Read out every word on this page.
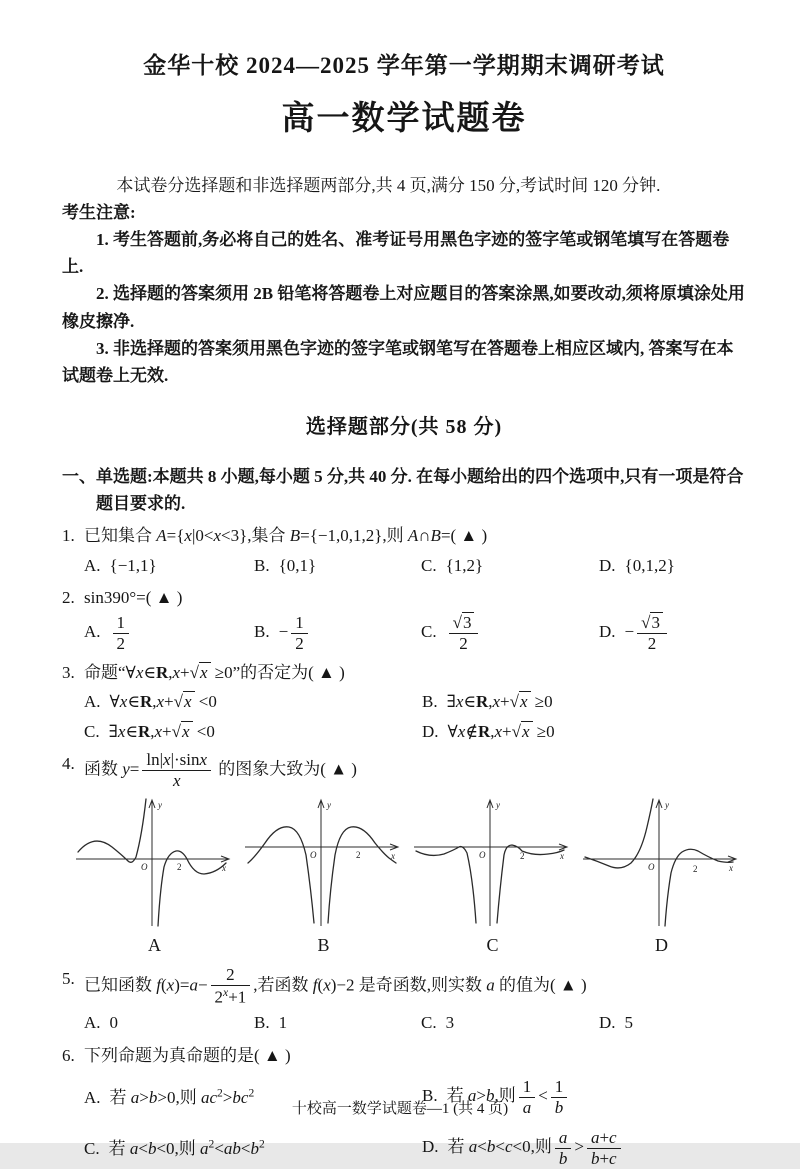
金华十校 2024—2025 学年第一学期期末调研考试
高一数学试题卷

本试卷分选择题和非选择题两部分,共 4 页,满分 150 分,考试时间 120 分钟.

考生注意:

1. 考生答题前,务必将自己的姓名、准考证号用黑色字迹的签字笔或钢笔填写在答题卷上.

2. 选择题的答案须用 2B 铅笔将答题卷上对应题目的答案涂黑,如要改动,须将原填涂处用橡皮擦净.

3. 非选择题的答案须用黑色字迹的签字笔或钢笔写在答题卷上相应区域内, 答案写在本试题卷上无效.

选择题部分(共 58 分)

一、单选题:本题共 8 小题,每小题 5 分,共 40 分. 在每小题给出的四个选项中,只有一项是符合题目要求的.

1. 已知集合 A={x|0<x<3},集合 B={−1,0,1,2},则 A∩B=( ▲ )
A. {−1,1}	B. {0,1}	C. {1,2}	D. {0,1,2}
2. sin390°=( ▲ )
A. $\frac{1}{2}$	B. − $\frac{1}{2}$	C. $\frac{√3}{2}$	D. − $\frac{√3}{2}$
3. 命题“∀x∈R,x+√x ≥0”的否定为( ▲ )
A. ∀x∈R,x+√x <0	B. ∃x∈R,x+√x ≥0
C. ∃x∈R,x+√x <0	D. ∀x∉R,x+√x ≥0
4. 函数 $y= \frac{\ln|x|\cdot\sin x}{x}$ 的图象大致为( ▲ )
y
x
O	2
A
y
x
O	2
B
y
x
O	2
C
y
x
O	2
D
5. 已知函数 $f(x)=a- \frac{2}{2^x+1}$ ,若函数 f(x)−2 是奇函数,则实数 a 的值为( ▲ )
A. 0	B. 1	C. 3	D. 5
6. 下列命题为真命题的是( ▲ )
A. 若 a>b>0,则 $ac^2>bc^2$	B. 若 a>b,则 $\frac{1}{a} < \frac{1}{b}$
C. 若 a<b<0,则 $a^2<ab<b^2$	D. 若 a<b<c<0,则 $\frac{a}{b} > \frac{a+c}{b+c}$
十校高一数学试题卷—1 (共 4 页)
